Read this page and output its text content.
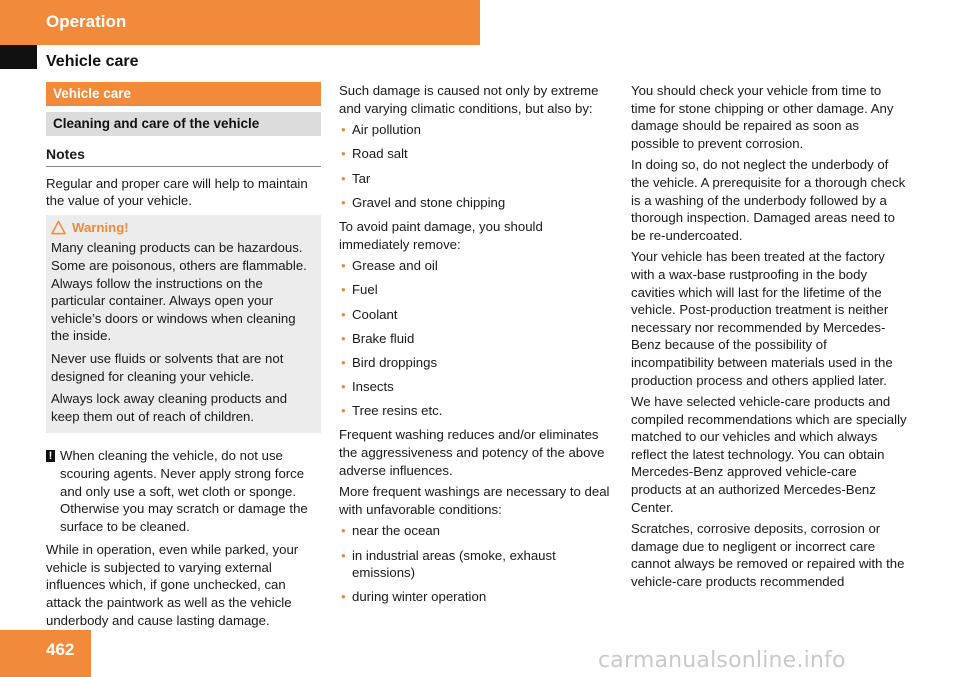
Operation
Vehicle care
Vehicle care
Cleaning and care of the vehicle
Notes

Regular and proper care will help to maintain the value of your vehicle.

Warning!

Many cleaning products can be hazardous. Some are poisonous, others are flammable. Always follow the instructions on the particular container. Always open your vehicle’s doors or windows when cleaning the inside.

Never use fluids or solvents that are not designed for cleaning your vehicle.

Always lock away cleaning products and keep them out of reach of children.

! When cleaning the vehicle, do not use scouring agents. Never apply strong force and only use a soft, wet cloth or sponge. Otherwise you may scratch or damage the surface to be cleaned.

While in operation, even while parked, your vehicle is subjected to varying external influences which, if gone unchecked, can attack the paintwork as well as the vehicle underbody and cause lasting damage.

Such damage is caused not only by extreme and varying climatic conditions, but also by:

• Air pollution
• Road salt
• Tar
• Gravel and stone chipping

To avoid paint damage, you should immediately remove:

• Grease and oil
• Fuel
• Coolant
• Brake fluid
• Bird droppings
• Insects
• Tree resins etc.

Frequent washing reduces and/or eliminates the aggressiveness and potency of the above adverse influences.

More frequent washings are necessary to deal with unfavorable conditions:

• near the ocean
• in industrial areas (smoke, exhaust emissions)
• during winter operation

You should check your vehicle from time to time for stone chipping or other damage. Any damage should be repaired as soon as possible to prevent corrosion.

In doing so, do not neglect the underbody of the vehicle. A prerequisite for a thorough check is a washing of the underbody followed by a thorough inspection. Damaged areas need to be re-undercoated.

Your vehicle has been treated at the factory with a wax-base rustproofing in the body cavities which will last for the lifetime of the vehicle. Post-production treatment is neither necessary nor recommended by Mercedes-Benz because of the possibility of incompatibility between materials used in the production process and others applied later.

We have selected vehicle-care products and compiled recommendations which are specially matched to our vehicles and which always reflect the latest technology. You can obtain Mercedes-Benz approved vehicle-care products at an authorized Mercedes-Benz Center.

Scratches, corrosive deposits, corrosion or damage due to negligent or incorrect care cannot always be removed or repaired with the vehicle-care products recommended

462	carmanualsonline.info
